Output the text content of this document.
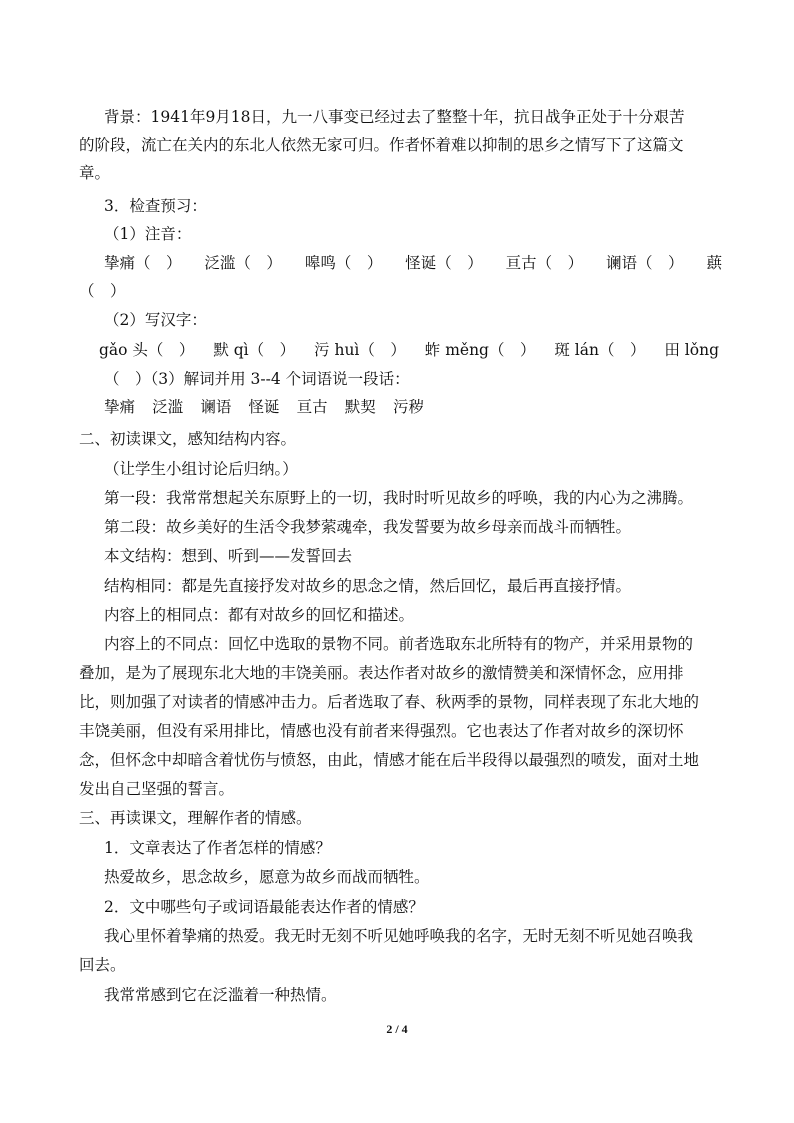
背景：1941年9月18日，九一八事变已经过去了整整十年，抗日战争正处于十分艰苦
的阶段，流亡在关内的东北人依然无家可归。作者怀着难以抑制的思乡之情写下了这篇文
章。
3．检查预习：
（1）注音：
挚痛（　） 泛滥（　） 嗥鸣（　） 怪诞（　） 亘古（　） 谰语（　） 蕻
（　）
（2）写汉字：
gǎo 头（　） 默 qì（　） 污 huì（　） 蚱 měng（　） 斑 lán（　） 田 lǒng
（　）（3）解词并用 3--4 个词语说一段话：
挚痛 泛滥 谰语 怪诞 亘古 默契 污秽
二、初读课文，感知结构内容。
（让学生小组讨论后归纳。）
第一段：我常常想起关东原野上的一切，我时时听见故乡的呼唤，我的内心为之沸腾。
第二段：故乡美好的生活令我梦萦魂牵，我发誓要为故乡母亲而战斗而牺牲。
本文结构：想到、听到——发誓回去
结构相同：都是先直接抒发对故乡的思念之情，然后回忆，最后再直接抒情。
内容上的相同点：都有对故乡的回忆和描述。
内容上的不同点：回忆中选取的景物不同。前者选取东北所特有的物产，并采用景物的
叠加，是为了展现东北大地的丰饶美丽。表达作者对故乡的激情赞美和深情怀念，应用排
比，则加强了对读者的情感冲击力。后者选取了春、秋两季的景物，同样表现了东北大地的
丰饶美丽，但没有采用排比，情感也没有前者来得强烈。它也表达了作者对故乡的深切怀
念，但怀念中却暗含着忧伤与愤怒，由此，情感才能在后半段得以最强烈的喷发，面对土地
发出自己坚强的誓言。
三、再读课文，理解作者的情感。
1．文章表达了作者怎样的情感？
热爱故乡，思念故乡，愿意为故乡而战而牺牲。
2．文中哪些句子或词语最能表达作者的情感？
我心里怀着挚痛的热爱。我无时无刻不听见她呼唤我的名字，无时无刻不听见她召唤我
回去。
我常常感到它在泛滥着一种热情。
2 / 4
